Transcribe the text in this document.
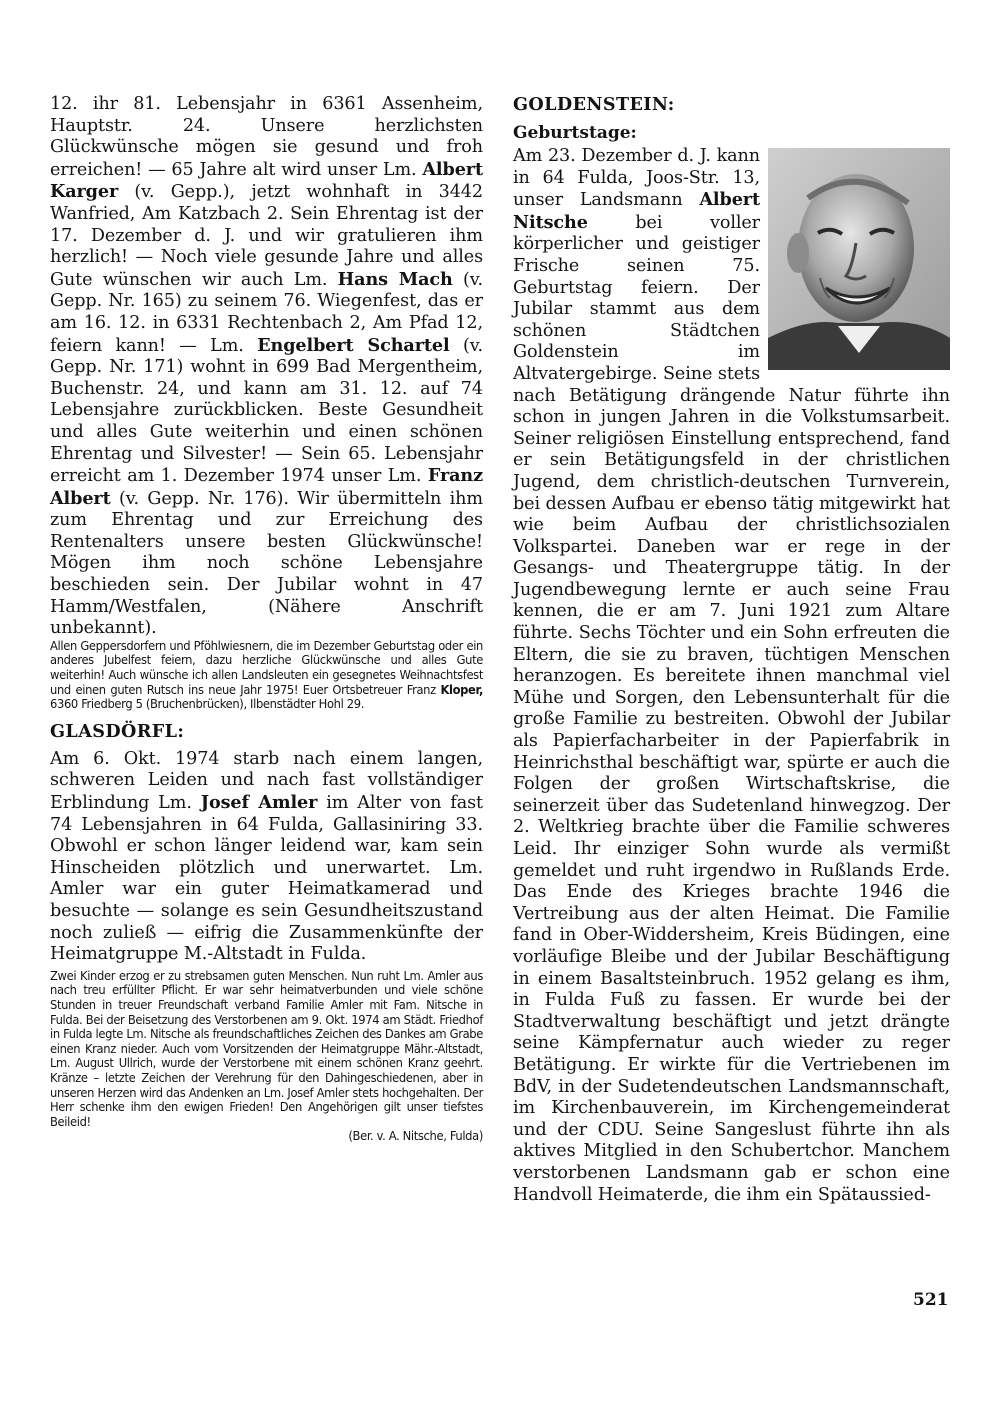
12. ihr 81. Lebensjahr in 6361 Assenheim, Hauptstr. 24. Unsere herzlichsten Glückwünsche mögen sie gesund und froh erreichen! — 65 Jahre alt wird unser Lm. Albert Karger (v. Gepp.), jetzt wohnhaft in 3442 Wanfried, Am Katzbach 2. Sein Ehrentag ist der 17. Dezember d. J. und wir gratulieren ihm herzlich! — Noch viele gesunde Jahre und alles Gute wünschen wir auch Lm. Hans Mach (v. Gepp. Nr. 165) zu seinem 76. Wiegenfest, das er am 16. 12. in 6331 Rechtenbach 2, Am Pfad 12, feiern kann! — Lm. Engelbert Schartel (v. Gepp. Nr. 171) wohnt in 699 Bad Mergentheim, Buchenstr. 24, und kann am 31. 12. auf 74 Lebensjahre zurückblicken. Beste Gesundheit und alles Gute weiterhin und einen schönen Ehrentag und Silvester! — Sein 65. Lebensjahr erreicht am 1. Dezember 1974 unser Lm. Franz Albert (v. Gepp. Nr. 176). Wir übermitteln ihm zum Ehrentag und zur Erreichung des Rentenalters unsere besten Glückwünsche! Mögen ihm noch schöne Lebensjahre beschieden sein. Der Jubilar wohnt in 47 Hamm/Westfalen, (Nähere Anschrift unbekannt).

Allen Geppersdorfern und Pföhlwiesnern, die im Dezember Geburtstag oder ein anderes Jubelfest feiern, dazu herzliche Glückwünsche und alles Gute weiterhin! Auch wünsche ich allen Landsleuten ein gesegnetes Weihnachtsfest und einen guten Rutsch ins neue Jahr 1975! Euer Ortsbetreuer Franz Kloper, 6360 Friedberg 5 (Bruchenbrücken), Ilbenstädter Hohl 29.

GLASDÖRFL:

Am 6. Okt. 1974 starb nach einem langen, schweren Leiden und nach fast vollständiger Erblindung Lm. Josef Amler im Alter von fast 74 Lebensjahren in 64 Fulda, Gallasiniring 33. Obwohl er schon länger leidend war, kam sein Hinscheiden plötzlich und unerwartet. Lm. Amler war ein guter Heimatkamerad und besuchte — solange es sein Gesundheitszustand noch zuließ — eifrig die Zusammenkünfte der Heimatgruppe M.-Altstadt in Fulda.

Zwei Kinder erzog er zu strebsamen guten Menschen. Nun ruht Lm. Amler aus nach treu erfüllter Pflicht. Er war sehr heimatverbunden und viele schöne Stunden in treuer Freundschaft verband Familie Amler mit Fam. Nitsche in Fulda. Bei der Beisetzung des Verstorbenen am 9. Okt. 1974 am Städt. Friedhof in Fulda legte Lm. Nitsche als freundschaftliches Zeichen des Dankes am Grabe einen Kranz nieder. Auch vom Vorsitzenden der Heimatgruppe Mähr.-Altstadt, Lm. August Ullrich, wurde der Verstorbene mit einem schönen Kranz geehrt. Kränze – letzte Zeichen der Verehrung für den Dahingeschiedenen, aber in unseren Herzen wird das Andenken an Lm. Josef Amler stets hochgehalten. Der Herr schenke ihm den ewigen Frieden! Den Angehörigen gilt unser tiefstes Beileid!
(Ber. v. A. Nitsche, Fulda)

GOLDENSTEIN:

Geburtstage:

Am 23. Dezember d. J. kann in 64 Fulda, Joos-Str. 13, unser Landsmann Albert Nitsche bei voller körperlicher und geistiger Frische seinen 75. Geburtstag feiern. Der Jubilar stammt aus dem schönen Städtchen Goldenstein im Altvatergebirge. Seine stets nach Betätigung drängende Natur führte ihn schon in jungen Jahren in die Volkstumsarbeit. Seiner religiösen Einstellung entsprechend, fand er sein Betätigungsfeld in der christlichen Jugend, dem christlich-deutschen Turnverein, bei dessen Aufbau er ebenso tätig mitgewirkt hat wie beim Aufbau der christlichsozialen Volkspartei. Daneben war er rege in der Gesangs- und Theatergruppe tätig. In der Jugendbewegung lernte er auch seine Frau kennen, die er am 7. Juni 1921 zum Altare führte. Sechs Töchter und ein Sohn erfreuten die Eltern, die sie zu braven, tüchtigen Menschen heranzogen. Es bereitete ihnen manchmal viel Mühe und Sorgen, den Lebensunterhalt für die große Familie zu bestreiten. Obwohl der Jubilar als Papierfacharbeiter in der Papierfabrik in Heinrichsthal beschäftigt war, spürte er auch die Folgen der großen Wirtschaftskrise, die seinerzeit über das Sudetenland hinwegzog. Der 2. Weltkrieg brachte über die Familie schweres Leid. Ihr einziger Sohn wurde als vermißt gemeldet und ruht irgendwo in Rußlands Erde. Das Ende des Krieges brachte 1946 die Vertreibung aus der alten Heimat. Die Familie fand in Ober-Widdersheim, Kreis Büdingen, eine vorläufige Bleibe und der Jubilar Beschäftigung in einem Basaltsteinbruch. 1952 gelang es ihm, in Fulda Fuß zu fassen. Er wurde bei der Stadtverwaltung beschäftigt und jetzt drängte seine Kämpfernatur auch wieder zu reger Betätigung. Er wirkte für die Vertriebenen im BdV, in der Sudetendeutschen Landsmannschaft, im Kirchenbauverein, im Kirchengemeinderat und der CDU. Seine Sangeslust führte ihn als aktives Mitglied in den Schubertchor. Manchem verstorbenen Landsmann gab er schon eine Handvoll Heimaterde, die ihm ein Spätaussied-
521
